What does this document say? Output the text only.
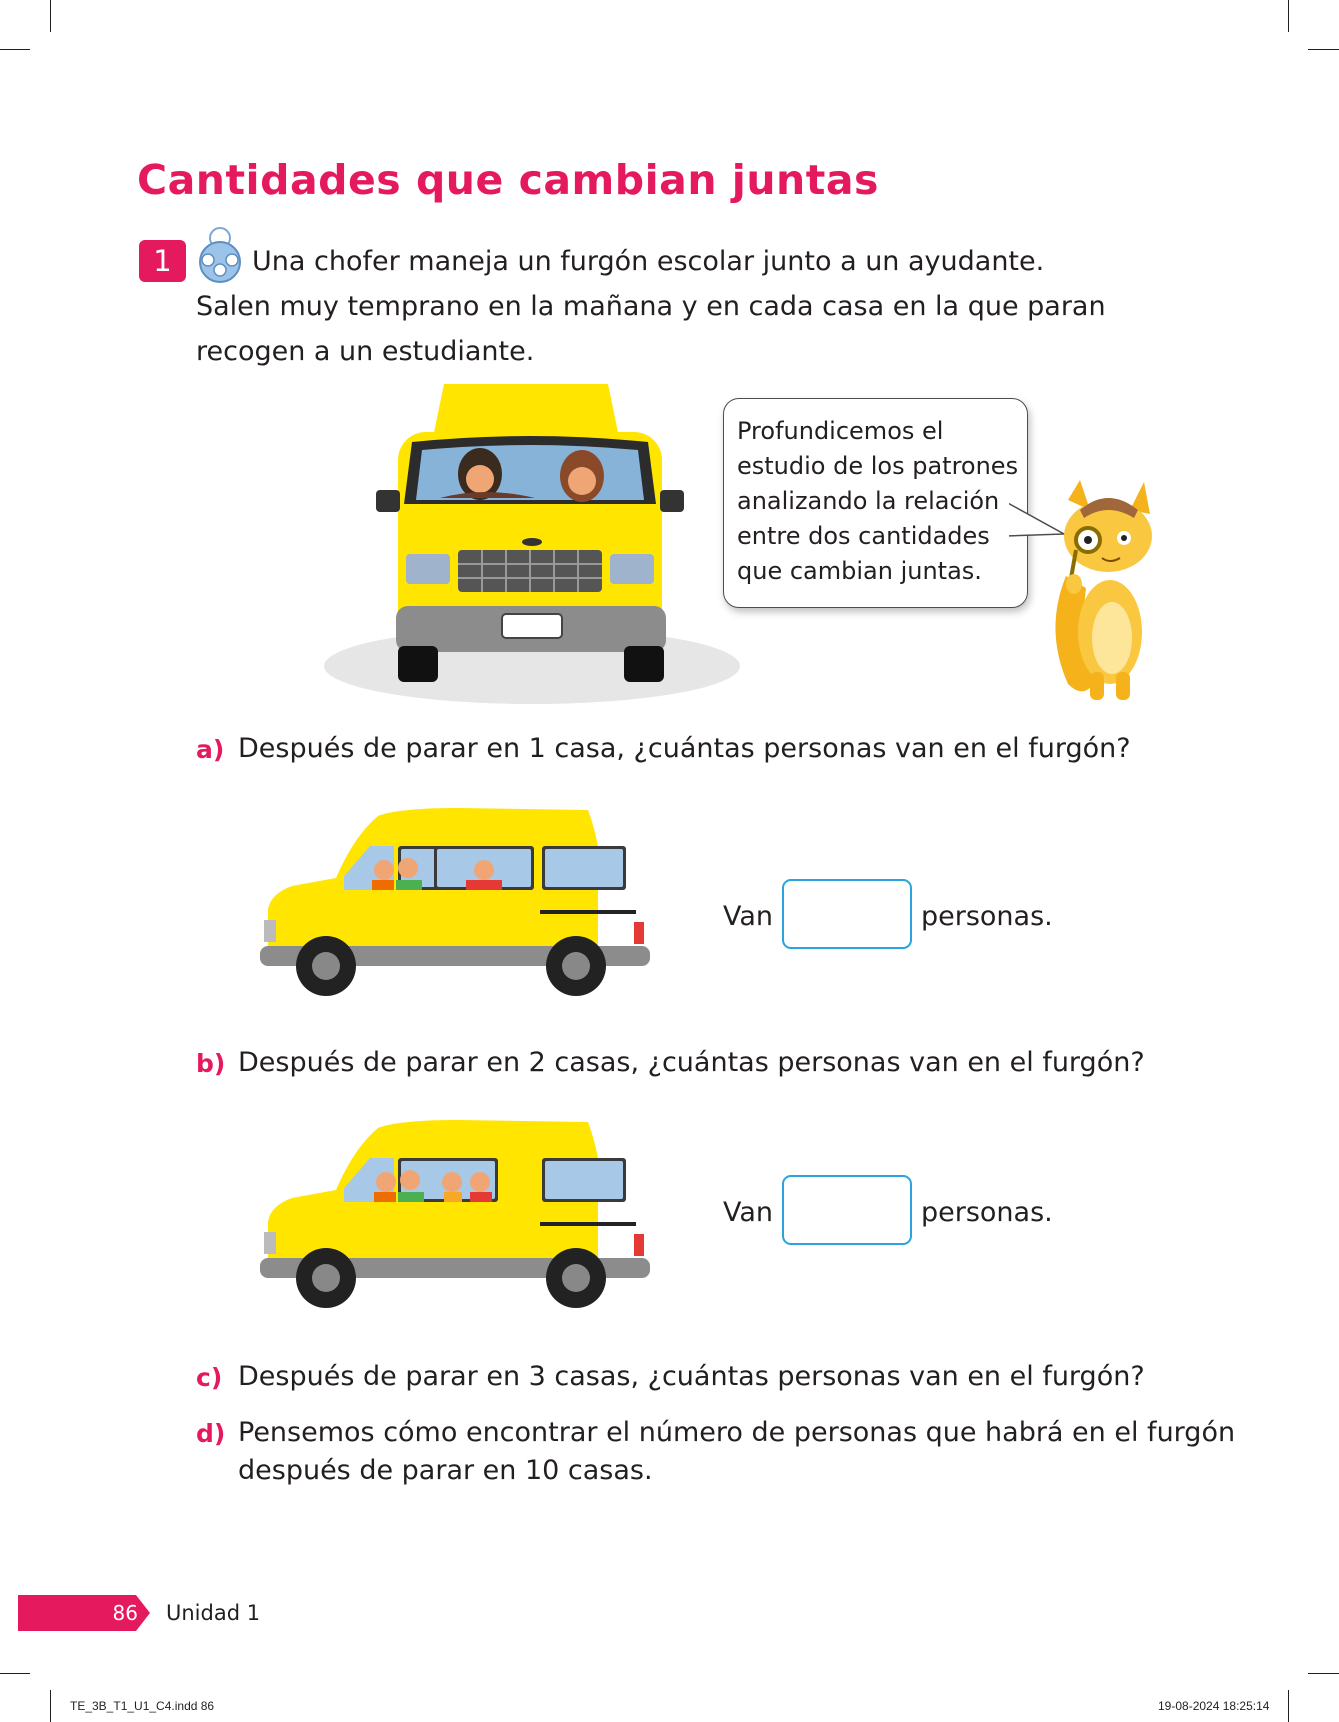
Cantidades que cambian juntas
1	Una chofer maneja un furgón escolar junto a un ayudante.
Salen muy temprano en la mañana y en cada casa en la que paran
recogen a un estudiante.
Profundicemos el
estudio de los patrones
analizando la relación
entre dos cantidades
que cambian juntas.
a) Después de parar en 1 casa, ¿cuántas personas van en el furgón?
Van	personas.
b) Después de parar en 2 casas, ¿cuántas personas van en el furgón?
Van	personas.
c) Después de parar en 3 casas, ¿cuántas personas van en el furgón?
d) Pensemos cómo encontrar el número de personas que habrá en el furgón
después de parar en 10 casas.
86 Unidad 1
TE_3B_T1_U1_C4.indd 86	19-08-2024 18:25:14
